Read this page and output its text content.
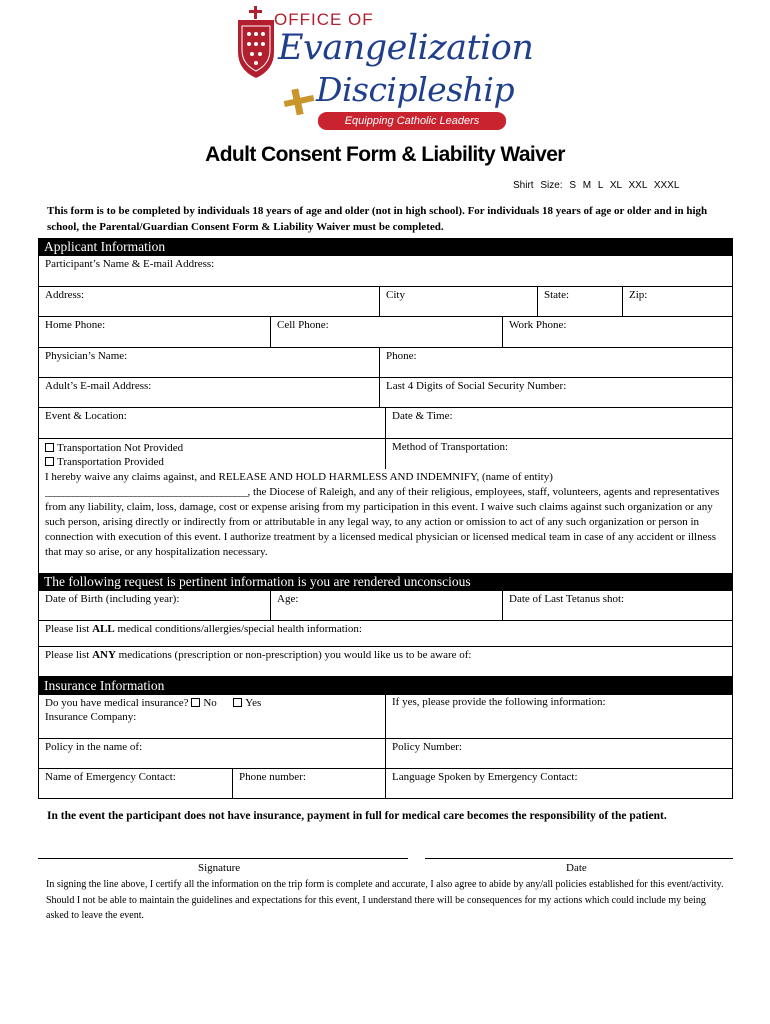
OFFICE OF
Evangelization
Discipleship
Equipping Catholic Leaders
Adult Consent Form & Liability Waiver
Shirt Size: S M L XL XXL XXXL
This form is to be completed by individuals 18 years of age and older (not in high school). For individuals 18 years of age or older and in high school, the Parental/Guardian Consent Form & Liability Waiver must be completed.
Applicant Information
Participant’s Name & E-mail Address:
Address:	City	State:	Zip:
Home Phone:	Cell Phone:	Work Phone:
Physician’s Name:	Phone:
Adult’s E-mail Address:	Last 4 Digits of Social Security Number:
Event & Location:	Date & Time:
Transportation Not Provided
Transportation Provided
Method of Transportation:
I hereby waive any claims against, and RELEASE AND HOLD HARMLESS AND INDEMNIFY, (name of entity) _____________________________________________, the Diocese of Raleigh, and any of their religious, employees, staff, volunteers, agents and representatives from any liability, claim, loss, damage, cost or expense arising from my participation in this event. I waive such claims against such organization or any such person, arising directly or indirectly from or attributable in any legal way, to any action or omission to act of any such organization or person in connection with execution of this event. I authorize treatment by a licensed medical physician or licensed medical team in case of any accident or illness that may so arise, or any hospitalization necessary.
The following request is pertinent information is you are rendered unconscious
Date of Birth (including year):	Age:	Date of Last Tetanus shot:
Please list ALL medical conditions/allergies/special health information:
Please list ANY medications (prescription or non-prescription) you would like us to be aware of:
Insurance Information
Do you have medical insurance? No	Yes
Insurance Company:
If yes, please provide the following information:
Policy in the name of:	Policy Number:
Name of Emergency Contact:	Phone number:	Language Spoken by Emergency Contact:
In the event the participant does not have insurance, payment in full for medical care becomes the responsibility of the patient.
Signature	Date
In signing the line above, I certify all the information on the trip form is complete and accurate, I also agree to abide by any/all policies established for this event/activity. Should I not be able to maintain the guidelines and expectations for this event, I understand there will be consequences for my actions which could include my being asked to leave the event.
